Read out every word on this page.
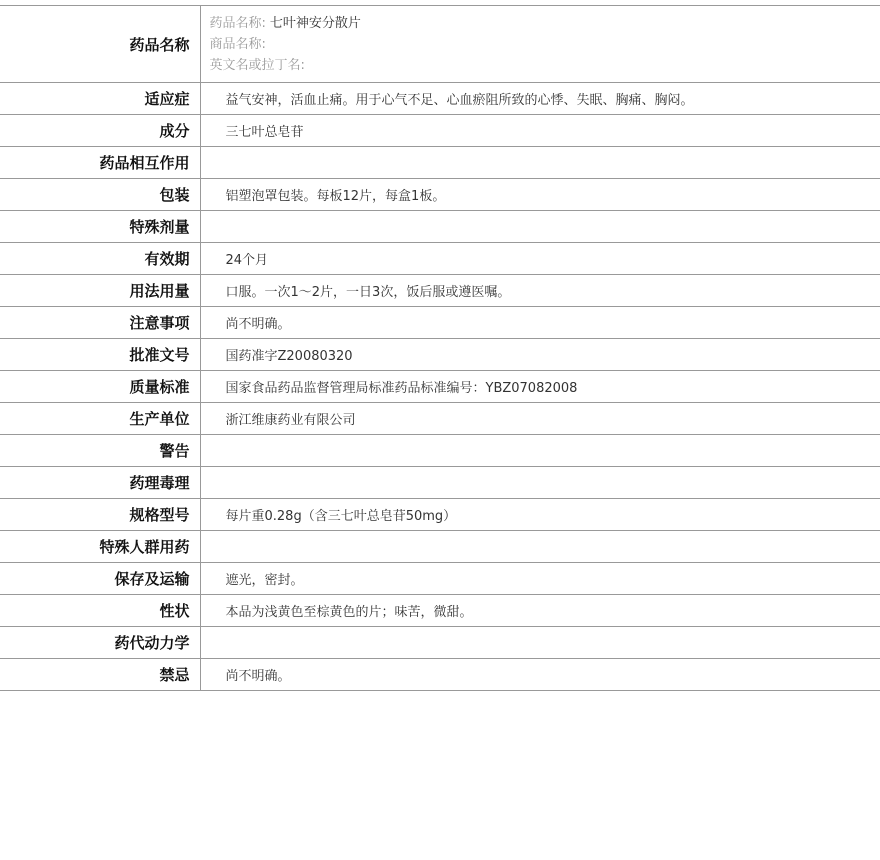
药品名称	药品名称: 七叶神安分散片
商品名称:
英文名或拉丁名:

适应症	益气安神，活血止痛。用于心气不足、心血瘀阻所致的心悸、失眠、胸痛、胸闷。
成分	三七叶总皂苷
药品相互作用	
包装	铝塑泡罩包装。每板12片，每盒1板。
特殊剂量	
有效期	24个月
用法用量	口服。一次1～2片，一日3次，饭后服或遵医嘱。
注意事项	尚不明确。
批准文号	国药准字Z20080320
质量标准	国家食品药品监督管理局标准药品标准编号：YBZ07082008
生产单位	浙江维康药业有限公司
警告	
药理毒理	
规格型号	每片重0.28g（含三七叶总皂苷50mg）
特殊人群用药	
保存及运输	遮光，密封。
性状	本品为浅黄色至棕黄色的片；味苦，微甜。
药代动力学	
禁忌	尚不明确。
